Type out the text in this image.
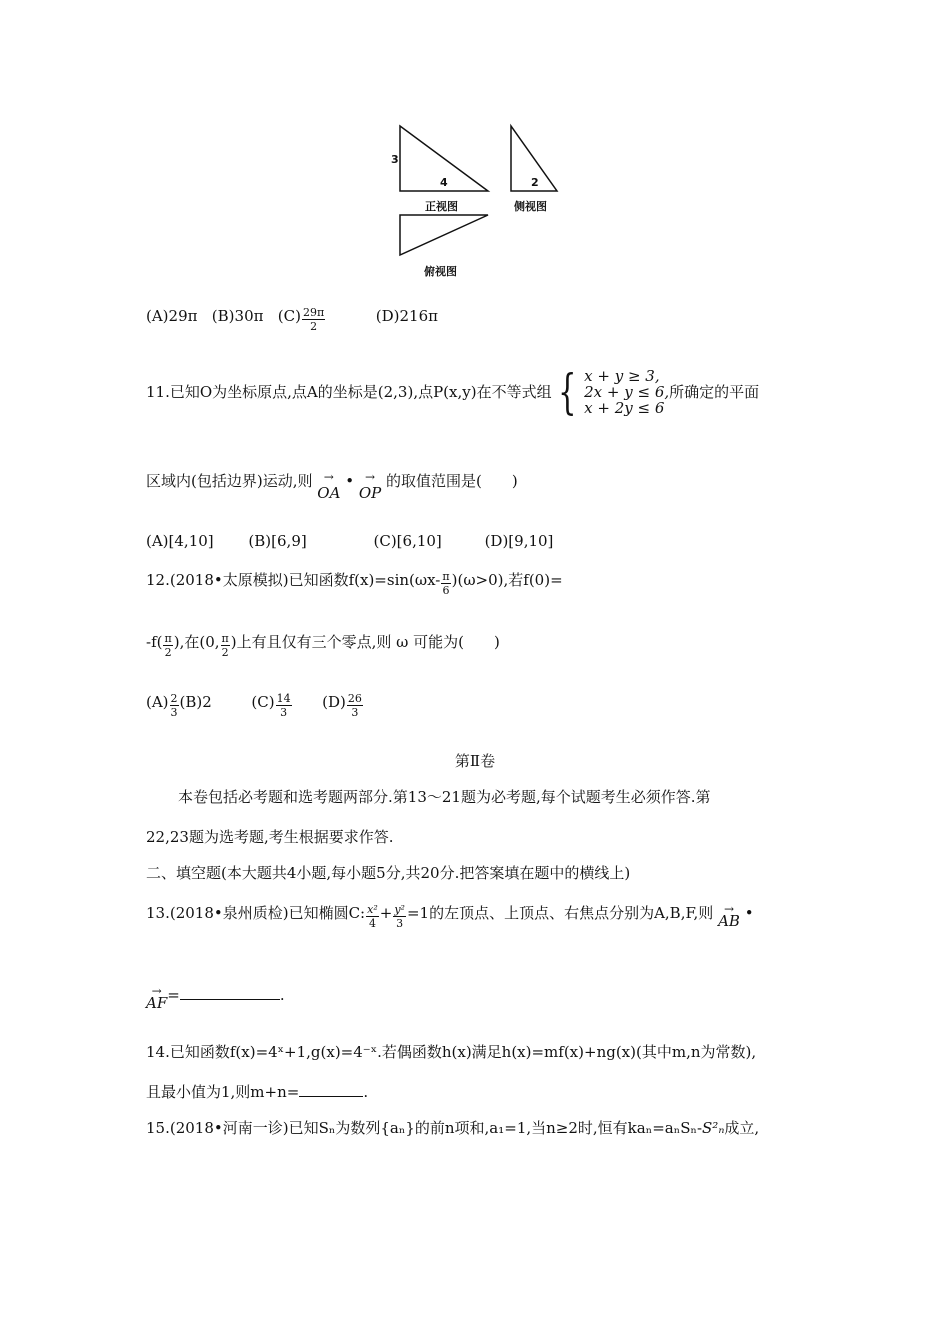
3
4	2
正视图	侧视图
俯视图
(A)29π (B)30π $(C) \frac{29\pi}{2}$	(D)216π
11.已知O为坐标原点,点A的坐标是(2,3),点P(x,y)在不等式组 { x + y ≥ 3,
2x + y ≤ 6,
x + 2y ≤ 6
所确定的平面
区域内(包括边界)运动,则 →
OA
• →
OP
的取值范围是(　　)
(A)[4,10] (B)[6,9]	(C)[6,10]	(D)[9,10]
12.(2018•太原模拟)已知函数$f(x)=\sin(\omega x- \frac{\pi}{6} )(\omega>0)$,若f(0)=
$-f( \frac{\pi}{2}$ ),在(0, $\frac{\pi}{2}$ )上有且仅有三个零点,则 ω 可能为(　　)
$(A) \frac{2}{3} (B)2$	$(C) \frac{14}{3} (D) \frac{26}{3}$
第Ⅱ卷
本卷包括必考题和选考题两部分.第13～21题为必考题,每个试题考生必须作答.第
22,23题为选考题,考生根据要求作答.
二、填空题(本大题共4小题,每小题5分,共20分.把答案填在题中的横线上)
13.(2018•泉州质检)已知椭圆C: $\frac{\text{x²}}{4} + \frac{\text{y²}}{3} =1$的左顶点、上顶点、右焦点分别为A,B,F,则 →
AB •
→
AF =	.
14.已知函数f(x)=4ˣ+1,g(x)=4⁻ˣ.若偶函数h(x)满足h(x)=mf(x)+ng(x)(其中m,n为常数),
且最小值为1,则m+n=	.
15.(2018•河南一诊)已知Sₙ为数列{aₙ}的前n项和,a₁=1,当n≥2时,恒有kaₙ=aₙSₙ-S²ₙ成立,
